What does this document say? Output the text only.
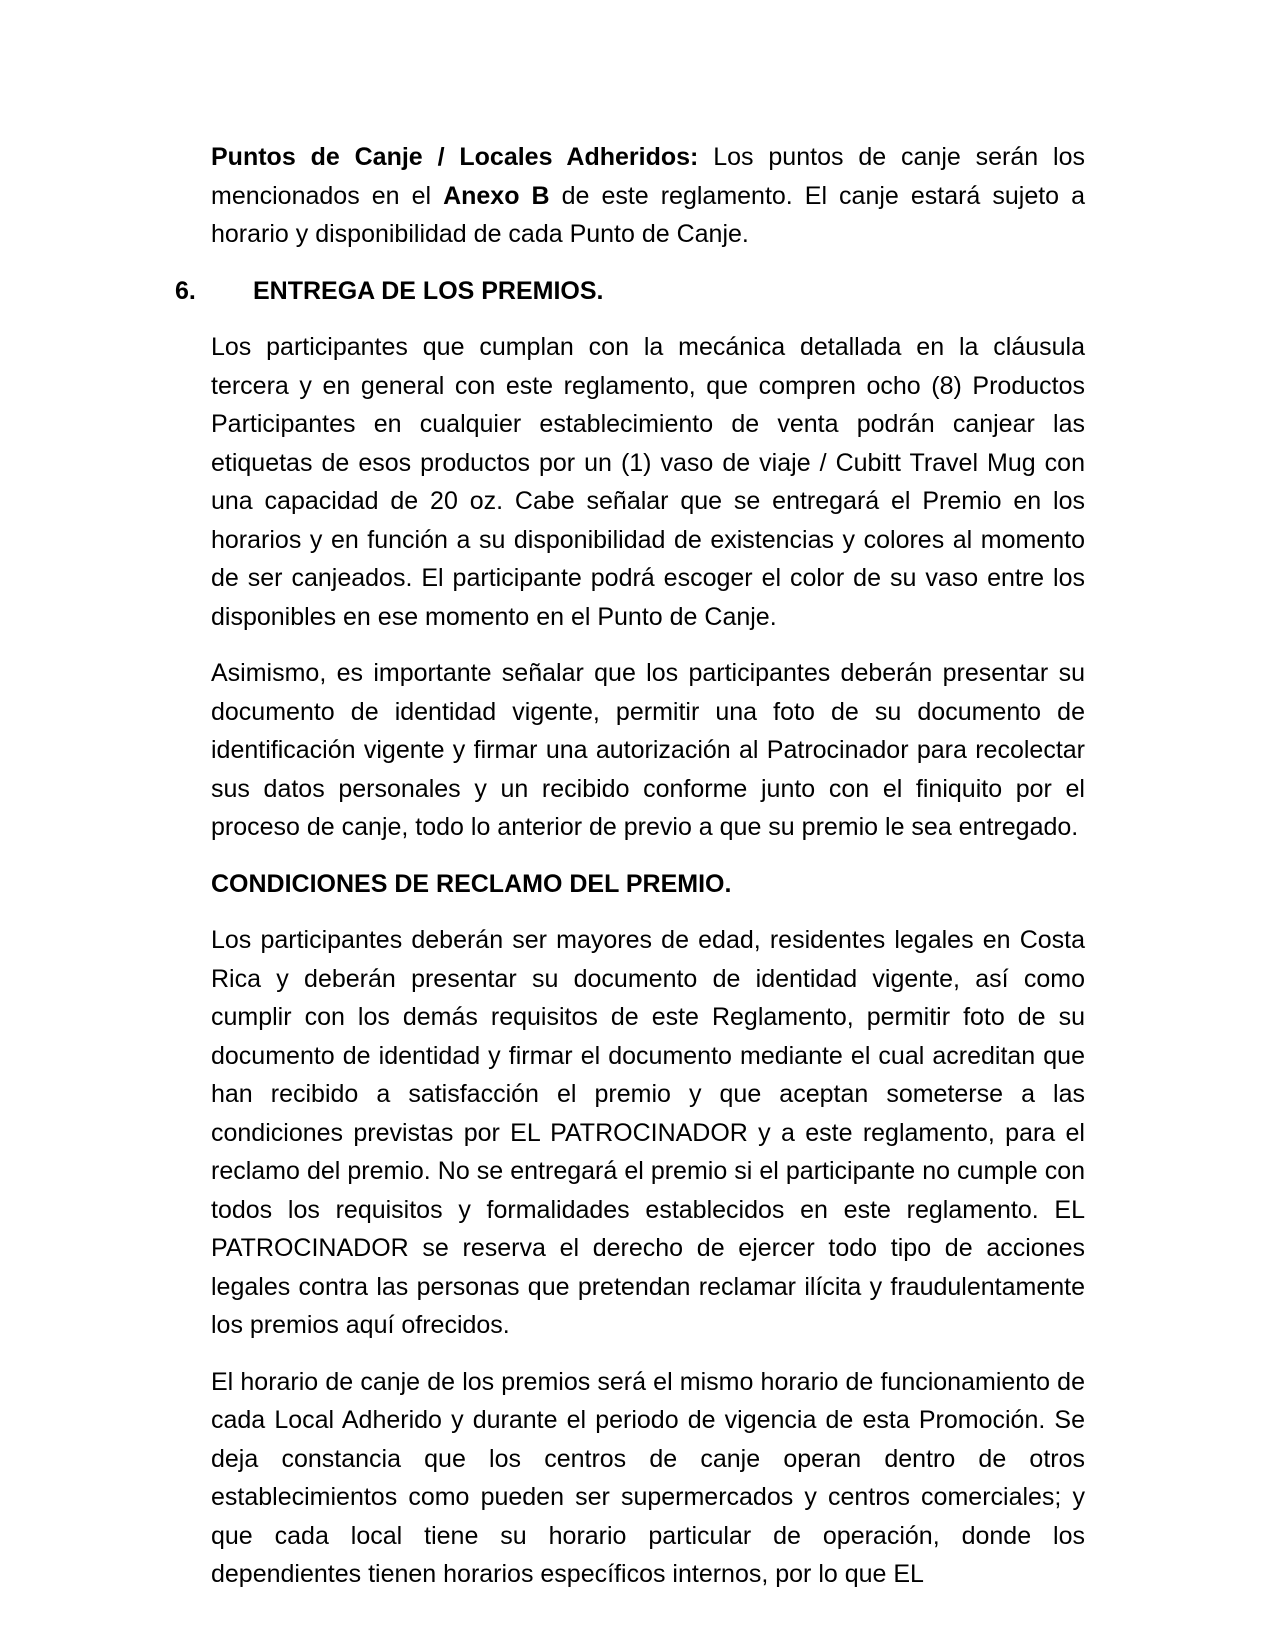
Puntos de Canje / Locales Adheridos: Los puntos de canje serán los mencionados en el Anexo B de este reglamento. El canje estará sujeto a horario y disponibilidad de cada Punto de Canje.

6.	ENTREGA DE LOS PREMIOS.

Los participantes que cumplan con la mecánica detallada en la cláusula tercera y en general con este reglamento, que compren ocho (8) Productos Participantes en cualquier establecimiento de venta podrán canjear las etiquetas de esos productos por un (1) vaso de viaje / Cubitt Travel Mug con una capacidad de 20 oz. Cabe señalar que se entregará el Premio en los horarios y en función a su disponibilidad de existencias y colores al momento de ser canjeados. El participante podrá escoger el color de su vaso entre los disponibles en ese momento en el Punto de Canje.

Asimismo, es importante señalar que los participantes deberán presentar su documento de identidad vigente, permitir una foto de su documento de identificación vigente y firmar una autorización al Patrocinador para recolectar sus datos personales y un recibido conforme junto con el finiquito por el proceso de canje, todo lo anterior de previo a que su premio le sea entregado.

CONDICIONES DE RECLAMO DEL PREMIO.

Los participantes deberán ser mayores de edad, residentes legales en Costa Rica y deberán presentar su documento de identidad vigente, así como cumplir con los demás requisitos de este Reglamento, permitir foto de su documento de identidad y firmar el documento mediante el cual acreditan que han recibido a satisfacción el premio y que aceptan someterse a las condiciones previstas por EL PATROCINADOR y a este reglamento, para el reclamo del premio. No se entregará el premio si el participante no cumple con todos los requisitos y formalidades establecidos en este reglamento. EL PATROCINADOR se reserva el derecho de ejercer todo tipo de acciones legales contra las personas que pretendan reclamar ilícita y fraudulentamente los premios aquí ofrecidos.

El horario de canje de los premios será el mismo horario de funcionamiento de cada Local Adherido y durante el periodo de vigencia de esta Promoción. Se deja constancia que los centros de canje operan dentro de otros establecimientos como pueden ser supermercados y centros comerciales; y que cada local tiene su horario particular de operación, donde los dependientes tienen horarios específicos internos, por lo que EL
